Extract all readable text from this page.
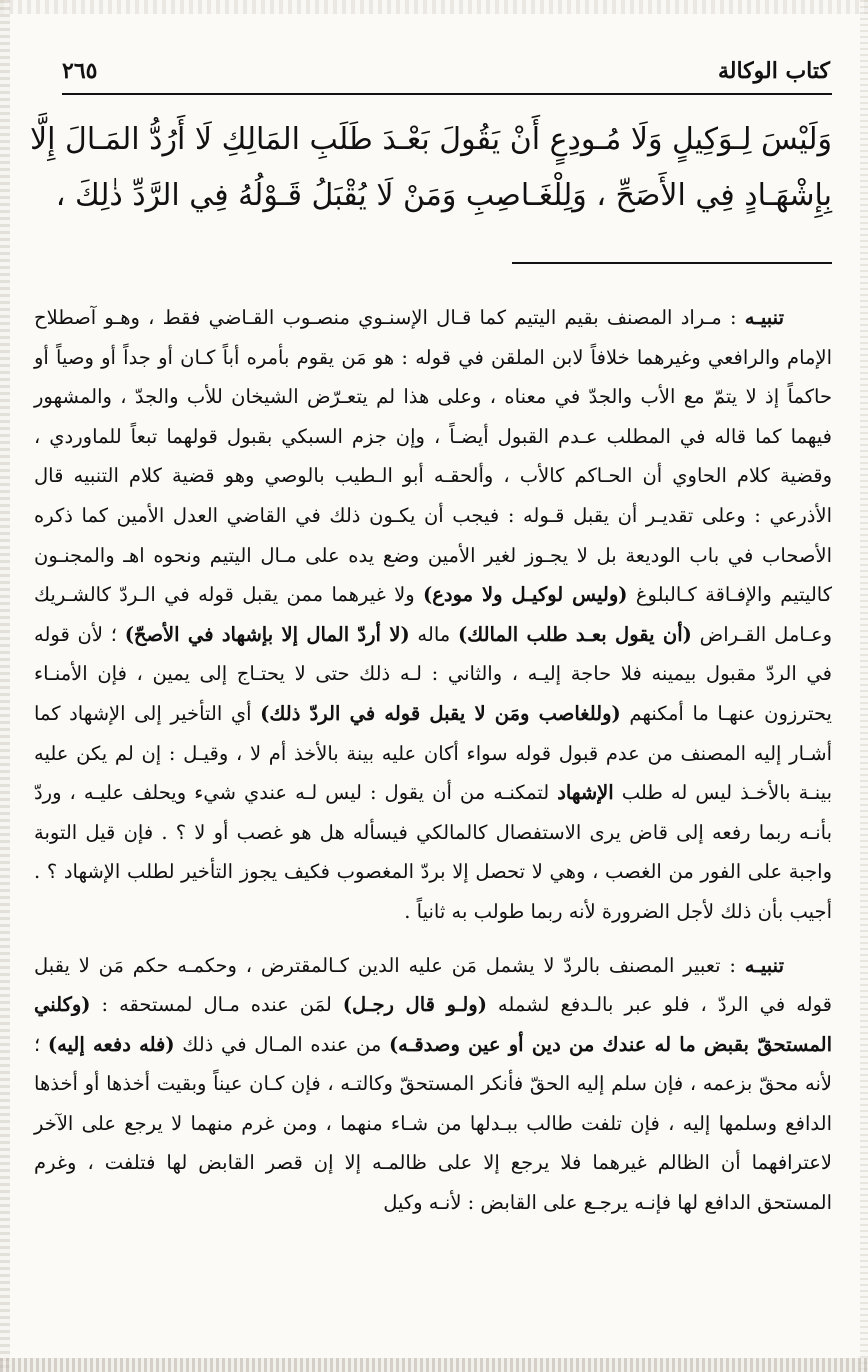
كتاب الوكالة
٢٦٥
وَلَيْسَ لِـوَكِيلٍ وَلَا مُـودِعٍ أَنْ يَقُولَ بَعْـدَ طَلَبِ المَالِكِ لَا أَرُدُّ المَـالَ إِلَّا بِإِشْهَـادٍ فِي الأَصَحِّ ، وَلِلْغَـاصِبِ وَمَنْ لَا يُقْبَلُ قَـوْلُهُ فِي الرَّدِّ ذٰلِكَ ،

تنبيـه : مـراد المصنف بقيم اليتيم كما قـال الإسنـوي منصـوب القـاضي فقط ، وهـو آصطلاح الإمام والرافعي وغيرهما خلافاً لابن الملقن في قوله : هو مَن يقوم بأمره أباً كـان أو جداً أو وصياً أو حاكماً إذ لا يتمّ مع الأب والجدّ في معناه ، وعلى هذا لم يتعـرّض الشيخان للأب والجدّ ، والمشهور فيهما كما قاله في المطلب عـدم القبول أيضـاً ، وإن جزم السبكي بقبول قولهما تبعاً للماوردي ، وقضية كلام الحاوي أن الحـاكم كالأب ، وألحقـه أبو الـطيب بالوصي وهو قضية كلام التنبيه قال الأذرعي : وعلى تقديـر أن يقبل قـوله : فيجب أن يكـون ذلك في القاضي العدل الأمين كما ذكره الأصحاب في باب الوديعة بل لا يجـوز لغير الأمين وضع يده على مـال اليتيم ونحوه اهـ والمجنـون كاليتيم والإفـاقة كـالبلوغ (وليس لوكيـل ولا مودع) ولا غيرهما ممن يقبل قوله في الـردّ كالشـريك وعـامل القـراض (أن يقول بعـد طلب المالك) ماله (لا أردّ المال إلا بإشهاد في الأصحّ) ؛ لأن قوله في الردّ مقبول بيمينه فلا حاجة إليـه ، والثاني : لـه ذلك حتى لا يحتـاج إلى يمين ، فإن الأمنـاء يحترزون عنهـا ما أمكنهم (وللغاصب ومَن لا يقبل قوله في الردّ ذلك) أي التأخير إلى الإشهاد كما أشـار إليه المصنف من عدم قبول قوله سواء أكان عليه بينة بالأخذ أم لا ، وقيـل : إن لم يكن عليه بينـة بالأخـذ ليس له طلب الإشهاد لتمكنـه من أن يقول : ليس لـه عندي شيء ويحلف عليـه ، وردّ بأنـه ربما رفعه إلى قاض يرى الاستفصال كالمالكي فيسأله هل هو غصب أو لا ؟ . فإن قيل التوبة واجبة على الفور من الغصب ، وهي لا تحصل إلا بردّ المغصوب فكيف يجوز التأخير لطلب الإشهاد ؟ . أجيب بأن ذلك لأجل الضرورة لأنه ربما طولب به ثانياً .

تنبيـه : تعبير المصنف بالردّ لا يشمل مَن عليه الدين كـالمقترض ، وحكمـه حكم مَن لا يقبل قوله في الردّ ، فلو عبر بالـدفع لشمله (ولـو قال رجـل) لمَن عنده مـال لمستحقه : (وكلني المستحقّ بقبض ما له عندك من دين أو عين وصدقـه) من عنده المـال في ذلك (فله دفعه إليه) ؛ لأنه محقّ بزعمه ، فإن سلم إليه الحقّ فأنكر المستحقّ وكالتـه ، فإن كـان عيناً وبقيت أخذها أو أخذها الدافع وسلمها إليه ، فإن تلفت طالب ببـدلها من شـاء منهما ، ومن غرم منهما لا يرجع على الآخر لاعترافهما أن الظالم غيرهما فلا يرجع إلا على ظالمـه إلا إن قصر القابض لها فتلفت ، وغرم المستحق الدافع لها فإنـه يرجـع على القابض : لأنـه وكيل
